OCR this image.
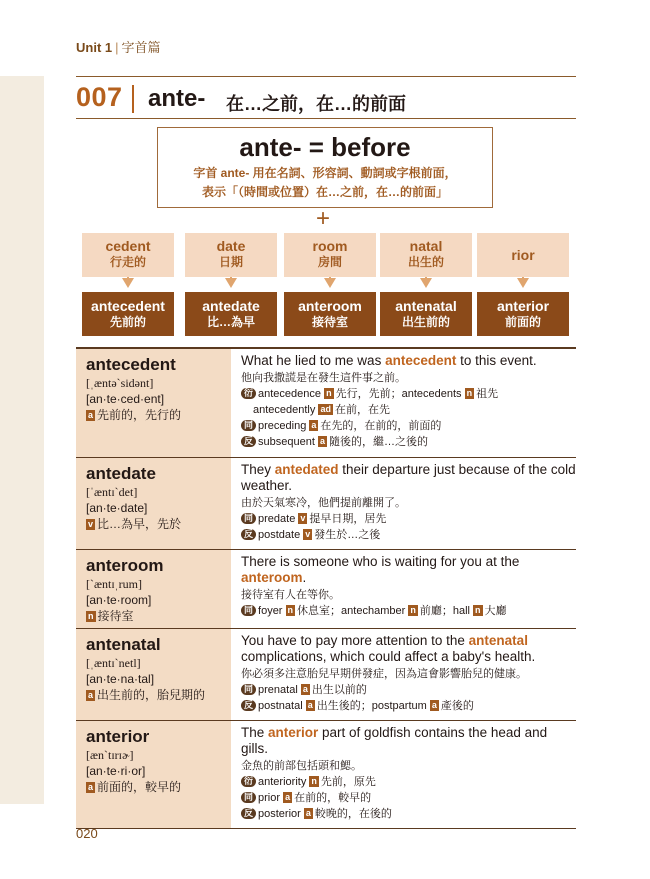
Unit 1 | 字首篇
007 ante- 在…之前，在…的前面
ante- = before
字首 ante- 用在名詞、形容詞、動詞或字根前面，
表示「（時間或位置）在…之前，在…的前面」
+
cedent
行走的
antecedent
先前的
date
日期
antedate
比…為早
room
房間
anteroom
接待室
natal
出生的
antenatal
出生前的
rior
anterior
前面的
antecedent
[ˌæntəˋsidənt]
[an·te·ced·ent]
a 先前的，先行的
What he lied to me was antecedent to this event.
他向我撒謊是在發生這件事之前。
衍 antecedence n 先行，先前；antecedents n 祖先
antecedently ad 在前，在先
同 preceding a 在先的，在前的，前面的
反 subsequent a 隨後的，繼…之後的
antedate
[ˈæntɪˋdet]
[an·te·date]
v 比…為早，先於
They antedated their departure just because of the cold weather.
由於天氣寒冷，他們提前離開了。
同 predate v 提早日期，居先
反 postdate v 發生於…之後
anteroom
[ˋæntɪˌrum]
[an·te·room]
n 接待室
There is someone who is waiting for you at the anteroom.
接待室有人在等你。
同 foyer n 休息室；antechamber n 前廳；hall n 大廳
antenatal
[ˌæntɪˋnetl]
[an·te·na·tal]
a 出生前的，胎兒期的
You have to pay more attention to the antenatal complications, which could affect a baby's health.
你必須多注意胎兒早期併發症，因為這會影響胎兒的健康。
同 prenatal a 出生以前的
反 postnatal a 出生後的；postpartum a 產後的
anterior
[ænˋtɪrɪɚ]
[an·te·ri·or]
a 前面的，較早的
The anterior part of goldfish contains the head and gills.
金魚的前部包括頭和鰓。
衍 anteriority n 先前，原先
同 prior a 在前的，較早的
反 posterior a 較晚的，在後的
020
